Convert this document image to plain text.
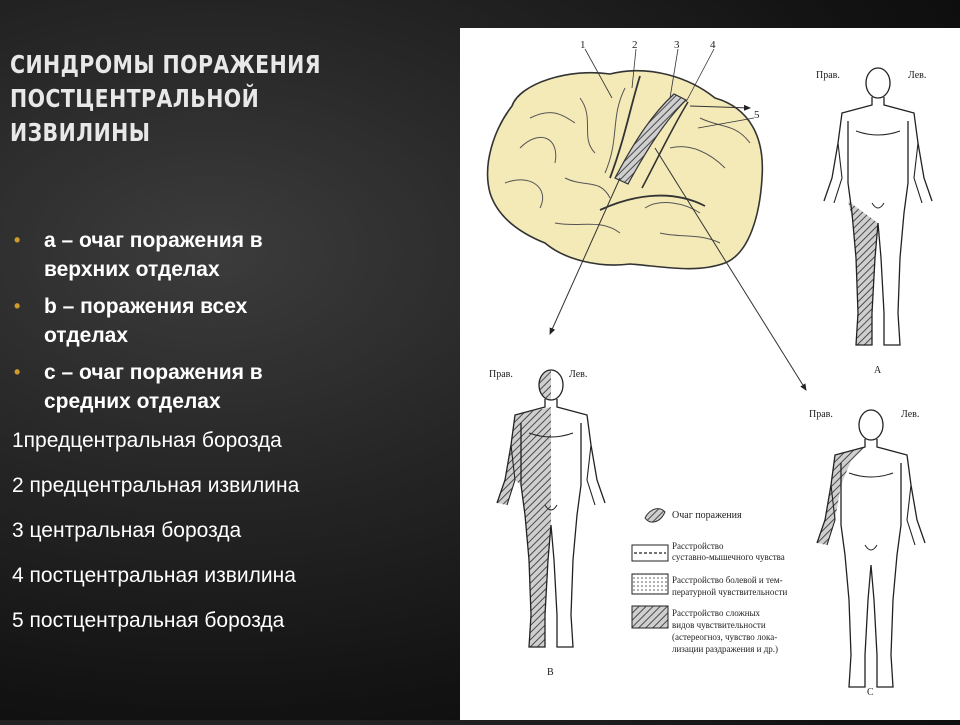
СИНДРОМЫ ПОРАЖЕНИЯ
ПОСТЦЕНТРАЛЬНОЙ
ИЗВИЛИНЫ
• a – очаг поражения в
верхних отделах
• b – поражения всех
отделах
• c – очаг поражения в
средних отделах
1предцентральная борозда
2 предцентральная извилина
3 центральная борозда
4 постцентральная извилина
5 постцентральная борозда
1	2	3	4
5
Прав.	Лев.
A
Прав.	Лев.
B
Прав.	Лев.
C
Очаг поражения
Расстройство
суставно-мышечного чувства
Расстройство болевой и тем-
пературной чувствительности
Расстройство сложных
видов чувствительности
(астереогноз, чувство лока-
лизации раздражения и др.)
